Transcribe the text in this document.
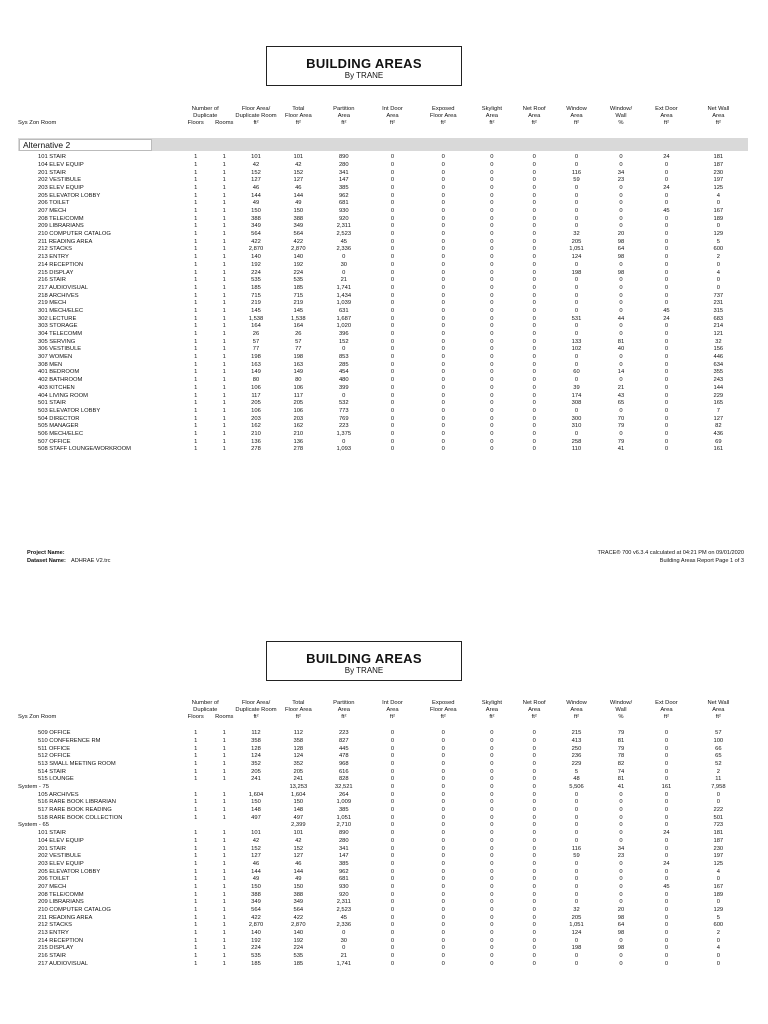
BUILDING AREAS
By TRANE
	Number of		Floor Area/	Total	Partition	Int Door	Exposed	Skylight	Net Roof	Window	Window/	Ext Door	Net Wall
	Duplicate		Duplicate Room	Floor Area	Area	Area	Floor Area	Area	Area	Area	Wall	Area	Area
Sys Zon Room	Floors	Rooms	ft²	ft²	ft²	ft²	ft²	ft²	ft²	ft²	%	ft²	ft²
Alternative 2
101 STAIR	1	1	101	101	890	0	0	0	0	0	0	24	181
104 ELEV EQUIP	1	1	42	42	280	0	0	0	0	0	0	0	187
201 STAIR	1	1	152	152	341	0	0	0	0	116	34	0	230
202 VESTIBULE	1	1	127	127	147	0	0	0	0	59	23	0	197
203 ELEV EQUIP	1	1	46	46	385	0	0	0	0	0	0	24	125
205 ELEVATOR LOBBY	1	1	144	144	962	0	0	0	0	0	0	0	4
206 TOILET	1	1	49	49	681	0	0	0	0	0	0	0	0
207 MECH	1	1	150	150	930	0	0	0	0	0	0	45	167
208 TELE/COMM	1	1	388	388	920	0	0	0	0	0	0	0	189
209 LIBRARIANS	1	1	349	349	2,311	0	0	0	0	0	0	0	0
210 COMPUTER CATALOG	1	1	564	564	2,523	0	0	0	0	32	20	0	129
211 READING AREA	1	1	422	422	45	0	0	0	0	205	98	0	5
212 STACKS	1	1	2,870	2,870	2,336	0	0	0	0	1,051	64	0	600
213 ENTRY	1	1	140	140	0	0	0	0	0	124	98	0	2
214 RECEPTION	1	1	192	192	30	0	0	0	0	0	0	0	0
215 DISPLAY	1	1	224	224	0	0	0	0	0	198	98	0	4
216 STAIR	1	1	535	535	21	0	0	0	0	0	0	0	0
217 AUDIOVISUAL	1	1	185	185	1,741	0	0	0	0	0	0	0	0
218 ARCHIVES	1	1	715	715	1,434	0	0	0	0	0	0	0	737
219 MECH	1	1	219	219	1,039	0	0	0	0	0	0	0	231
301 MECH/ELEC	1	1	145	145	631	0	0	0	0	0	0	45	315
302 LECTURE	1	1	1,538	1,538	1,687	0	0	0	0	531	44	24	683
303 STORAGE	1	1	164	164	1,020	0	0	0	0	0	0	0	214
304 TELECOMM	1	1	26	26	396	0	0	0	0	0	0	0	121
305 SERVING	1	1	57	57	152	0	0	0	0	133	81	0	32
306 VESTIBULE	1	1	77	77	0	0	0	0	0	102	40	0	156
307 WOMEN	1	1	198	198	853	0	0	0	0	0	0	0	446
308 MEN	1	1	163	163	285	0	0	0	0	0	0	0	634
401 BEDROOM	1	1	149	149	454	0	0	0	0	60	14	0	355
402 BATHROOM	1	1	80	80	480	0	0	0	0	0	0	0	243
403 KITCHEN	1	1	106	106	399	0	0	0	0	39	21	0	144
404 LIVING ROOM	1	1	117	117	0	0	0	0	0	174	43	0	229
501 STAIR	1	1	205	205	532	0	0	0	0	308	65	0	165
503 ELEVATOR LOBBY	1	1	106	106	773	0	0	0	0	0	0	0	7
504 DIRECTOR	1	1	203	203	769	0	0	0	0	300	70	0	127
505 MANAGER	1	1	162	162	223	0	0	0	0	310	79	0	82
506 MECH/ELEC	1	1	210	210	1,375	0	0	0	0	0	0	0	436
507 OFFICE	1	1	136	136	0	0	0	0	0	258	79	0	69
508 STAFF LOUNGE/WORKROOM	1	1	278	278	1,093	0	0	0	0	110	41	0	161
Project Name:
Dataset Name: ADHRAE V2.trc
TRACE® 700 v6.3.4 calculated at 04:21 PM on 09/01/2020
Building Areas Report Page 1 of 3
BUILDING AREAS
By TRANE
	Number of		Floor Area/	Total	Partition	Int Door	Exposed	Skylight	Net Roof	Window	Window/	Ext Door	Net Wall
	Duplicate		Duplicate Room	Floor Area	Area	Area	Floor Area	Area	Area	Area	Wall	Area	Area
Sys Zon Room	Floors	Rooms	ft²	ft²	ft²	ft²	ft²	ft²	ft²	ft²	%	ft²	ft²
509 OFFICE	1	1	112	112	223	0	0	0	0	215	79	0	57
510 CONFERENCE RM	1	1	358	358	827	0	0	0	0	413	81	0	100
511 OFFICE	1	1	128	128	445	0	0	0	0	250	79	0	66
512 OFFICE	1	1	124	124	478	0	0	0	0	236	78	0	65
513 SMALL MEETING ROOM	1	1	352	352	968	0	0	0	0	229	82	0	52
514 STAIR	1	1	205	205	616	0	0	0	0	5	74	0	2
515 LOUNGE	1	1	241	241	828	0	0	0	0	48	81	0	11
System - 75				13,253	32,521	0	0	0	0	5,506	41	161	7,958
105 ARCHIVES	1	1	1,604	1,604	264	0	0	0	0	0	0	0	0
516 RARE BOOK LIBRARIAN	1	1	150	150	1,009	0	0	0	0	0	0	0	0
517 RARE BOOK READING	1	1	148	148	385	0	0	0	0	0	0	0	222
518 RARE BOOK COLLECTION	1	1	497	497	1,051	0	0	0	0	0	0	0	501
System - 65				2,399	2,710	0	0	0	0	0	0	0	723
101 STAIR	1	1	101	101	890	0	0	0	0	0	0	24	181
104 ELEV EQUIP	1	1	42	42	280	0	0	0	0	0	0	0	187
201 STAIR	1	1	152	152	341	0	0	0	0	116	34	0	230
202 VESTIBULE	1	1	127	127	147	0	0	0	0	59	23	0	197
203 ELEV EQUIP	1	1	46	46	385	0	0	0	0	0	0	24	125
205 ELEVATOR LOBBY	1	1	144	144	962	0	0	0	0	0	0	0	4
206 TOILET	1	1	49	49	681	0	0	0	0	0	0	0	0
207 MECH	1	1	150	150	930	0	0	0	0	0	0	45	167
208 TELE/COMM	1	1	388	388	920	0	0	0	0	0	0	0	189
209 LIBRARIANS	1	1	349	349	2,311	0	0	0	0	0	0	0	0
210 COMPUTER CATALOG	1	1	564	564	2,523	0	0	0	0	32	20	0	129
211 READING AREA	1	1	422	422	45	0	0	0	0	205	98	0	5
212 STACKS	1	1	2,870	2,870	2,336	0	0	0	0	1,051	64	0	600
213 ENTRY	1	1	140	140	0	0	0	0	0	124	98	0	2
214 RECEPTION	1	1	192	192	30	0	0	0	0	0	0	0	0
215 DISPLAY	1	1	224	224	0	0	0	0	0	198	98	0	4
216 STAIR	1	1	535	535	21	0	0	0	0	0	0	0	0
217 AUDIOVISUAL	1	1	185	185	1,741	0	0	0	0	0	0	0	0
